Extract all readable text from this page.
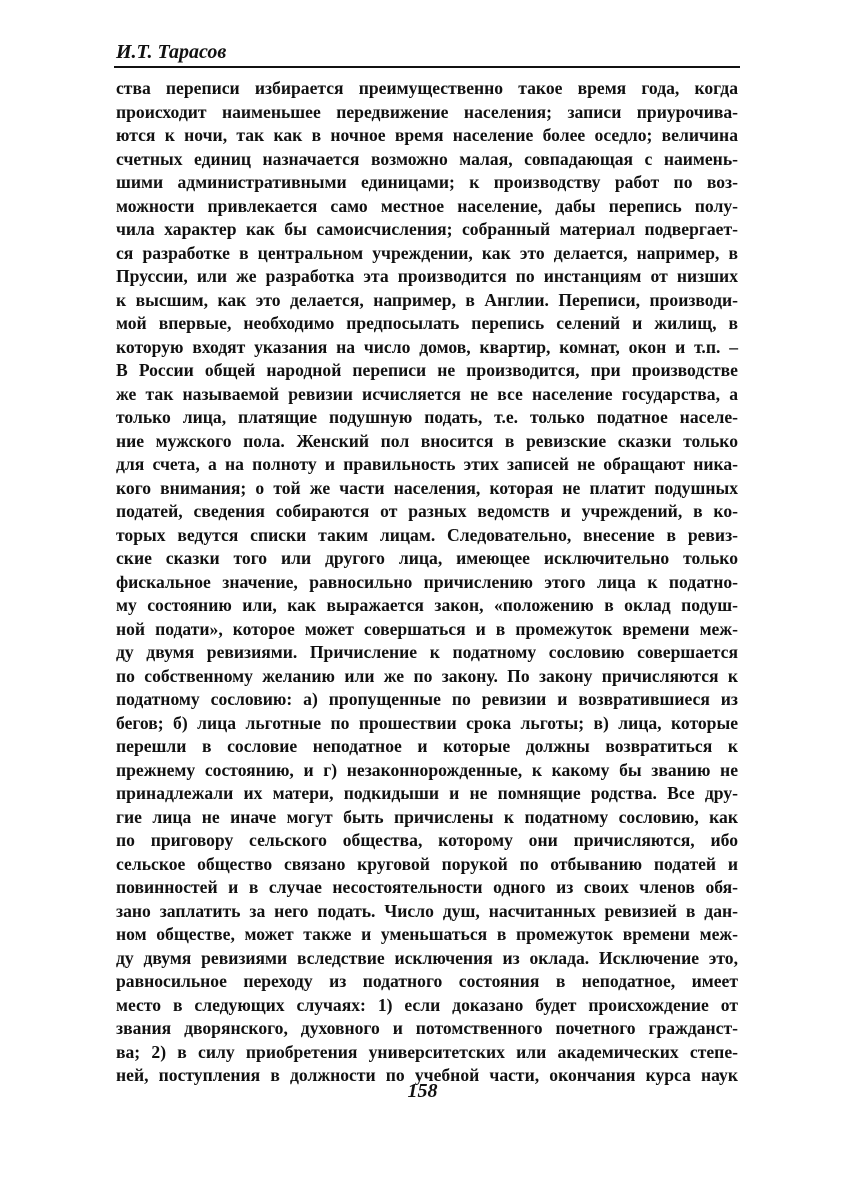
И.Т. Тарасов
ства переписи избирается преимущественно такое время года, когда
происходит наименьшее передвижение населения; записи приурочива-
ются к ночи, так как в ночное время население более оседло; величина
счетных единиц назначается возможно малая, совпадающая с наимень-
шими административными единицами; к производству работ по воз-
можности привлекается само местное население, дабы перепись полу-
чила характер как бы самоисчисления; собранный материал подвергает-
ся разработке в центральном учреждении, как это делается, например, в
Пруссии, или же разработка эта производится по инстанциям от низших
к высшим, как это делается, например, в Англии. Переписи, производи-
мой впервые, необходимо предпосылать перепись селений и жилищ, в
которую входят указания на число домов, квартир, комнат, окон и т.п. –
В России общей народной переписи не производится, при производстве
же так называемой ревизии исчисляется не все население государства, а
только лица, платящие подушную подать, т.е. только податное населе-
ние мужского пола. Женский пол вносится в ревизские сказки только
для счета, а на полноту и правильность этих записей не обращают ника-
кого внимания; о той же части населения, которая не платит подушных
податей, сведения собираются от разных ведомств и учреждений, в ко-
торых ведутся списки таким лицам. Следовательно, внесение в ревиз-
ские сказки того или другого лица, имеющее исключительно только
фискальное значение, равносильно причислению этого лица к податно-
му состоянию или, как выражается закон, «положению в оклад подуш-
ной подати», которое может совершаться и в промежуток времени меж-
ду двумя ревизиями. Причисление к податному сословию совершается
по собственному желанию или же по закону. По закону причисляются к
податному сословию: а) пропущенные по ревизии и возвратившиеся из
бегов; б) лица льготные по прошествии срока льготы; в) лица, которые
перешли в сословие неподатное и которые должны возвратиться к
прежнему состоянию, и г) незаконнорожденные, к какому бы званию не
принадлежали их матери, подкидыши и не помнящие родства. Все дру-
гие лица не иначе могут быть причислены к податному сословию, как
по приговору сельского общества, которому они причисляются, ибо
сельское общество связано круговой порукой по отбыванию податей и
повинностей и в случае несостоятельности одного из своих членов обя-
зано заплатить за него подать. Число душ, насчитанных ревизией в дан-
ном обществе, может также и уменьшаться в промежуток времени меж-
ду двумя ревизиями вследствие исключения из оклада. Исключение это,
равносильное переходу из податного состояния в неподатное, имеет
место в следующих случаях: 1) если доказано будет происхождение от
звания дворянского, духовного и потомственного почетного гражданст-
ва; 2) в силу приобретения университетских или академических степе-
ней, поступления в должности по учебной части, окончания курса наук
158
